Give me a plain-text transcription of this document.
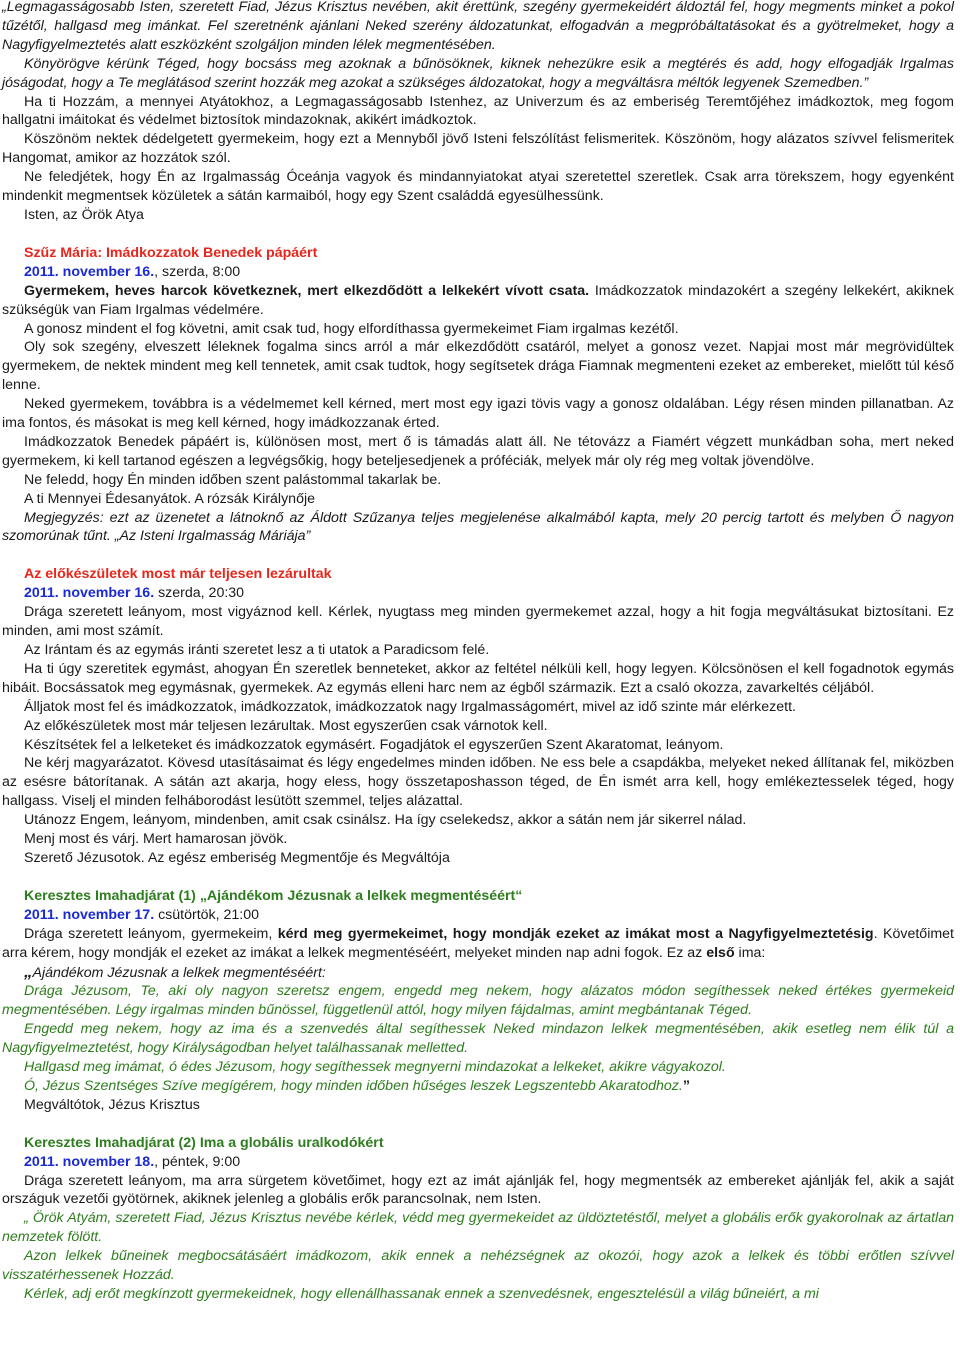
„Legmagasságosabb Isten, szeretett Fiad, Jézus Krisztus nevében, akit érettünk, szegény gyermekeidért áldoztál fel, hogy megments minket a pokol tűzétől, hallgasd meg imánkat. Fel szeretnénk ajánlani Neked szerény áldozatunkat, elfogadván a megpróbáltatásokat és a gyötrelmeket, hogy a Nagyfigyelmeztetés alatt eszközként szolgáljon minden lélek megmentésében.

Könyörögve kérünk Téged, hogy bocsáss meg azoknak a bűnösöknek, kiknek nehezükre esik a megtérés és add, hogy elfogadják Irgalmas jóságodat, hogy a Te meglátásod szerint hozzák meg azokat a szükséges áldozatokat, hogy a megváltásra méltók legyenek Szemedben.”

Ha ti Hozzám, a mennyei Atyátokhoz, a Legmagasságosabb Istenhez, az Univerzum és az emberiség Teremtőjéhez imádkoztok, meg fogom hallgatni imáitokat és védelmet biztosítok mindazoknak, akikért imádkoztok.

Köszönöm nektek dédelgetett gyermekeim, hogy ezt a Mennyből jövő Isteni felszólítást felismeritek. Köszönöm, hogy alázatos szívvel felismeritek Hangomat, amikor az hozzátok szól.

Ne feledjétek, hogy Én az Irgalmasság Óceánja vagyok és mindannyiatokat atyai szeretettel szeretlek. Csak arra törekszem, hogy egyenként mindenkit megmentsek közületek a sátán karmaiból, hogy egy Szent családdá egyesülhessünk.

Isten, az Örök Atya

Szűz Mária: Imádkozzatok Benedek pápáért

2011. november 16., szerda, 8:00

Gyermekem, heves harcok következnek, mert elkezdődött a lelkekért vívott csata. Imádkozzatok mindazokért a szegény lelkekért, akiknek szükségük van Fiam Irgalmas védelmére.

A gonosz mindent el fog követni, amit csak tud, hogy elfordíthassa gyermekeimet Fiam irgalmas kezétől.

Oly sok szegény, elveszett léleknek fogalma sincs arról a már elkezdődött csatáról, melyet a gonosz vezet. Napjai most már megrövidültek gyermekem, de nektek mindent meg kell tennetek, amit csak tudtok, hogy segítsetek drága Fiamnak megmenteni ezeket az embereket, mielőtt túl késő lenne.

Neked gyermekem, továbbra is a védelmemet kell kérned, mert most egy igazi tövis vagy a gonosz oldalában. Légy résen minden pillanatban. Az ima fontos, és másokat is meg kell kérned, hogy imádkozzanak érted.

Imádkozzatok Benedek pápáért is, különösen most, mert ő is támadás alatt áll. Ne tétovázz a Fiamért végzett munkádban soha, mert neked gyermekem, ki kell tartanod egészen a legvégsőkig, hogy beteljesedjenek a próféciák, melyek már oly rég meg voltak jövendölve.

Ne feledd, hogy Én minden időben szent palástommal takarlak be.

A ti Mennyei Édesanyátok. A rózsák Királynője

Megjegyzés: ezt az üzenetet a látnoknő az Áldott Szűzanya teljes megjelenése alkalmából kapta, mely 20 percig tartott és melyben Ő nagyon szomorúnak tűnt. „Az Isteni Irgalmasság Máriája”

Az előkészületek most már teljesen lezárultak

2011. november 16. szerda, 20:30

Drága szeretett leányom, most vigyáznod kell. Kérlek, nyugtass meg minden gyermekemet azzal, hogy a hit fogja megváltásukat biztosítani. Ez minden, ami most számít.

Az Irántam és az egymás iránti szeretet lesz a ti utatok a Paradicsom felé.

Ha ti úgy szeretitek egymást, ahogyan Én szeretlek benneteket, akkor az feltétel nélküli kell, hogy legyen. Kölcsönösen el kell fogadnotok egymás hibáit. Bocsássatok meg egymásnak, gyermekek. Az egymás elleni harc nem az égből származik. Ezt a csaló okozza, zavarkeltés céljából.

Álljatok most fel és imádkozzatok, imádkozzatok, imádkozzatok nagy Irgalmasságomért, mivel az idő szinte már elérkezett.

Az előkészületek most már teljesen lezárultak. Most egyszerűen csak várnotok kell.

Készítsétek fel a lelketeket és imádkozzatok egymásért. Fogadjátok el egyszerűen Szent Akaratomat, leányom.

Ne kérj magyarázatot. Kövesd utasításaimat és légy engedelmes minden időben. Ne ess bele a csapdákba, melyeket neked állítanak fel, miközben az esésre bátorítanak. A sátán azt akarja, hogy eless, hogy összetaposhasson téged, de Én ismét arra kell, hogy emlékeztesselek téged, hogy hallgass. Viselj el minden felháborodást lesütött szemmel, teljes alázattal.

Utánozz Engem, leányom, mindenben, amit csak csinálsz. Ha így cselekedsz, akkor a sátán nem jár sikerrel nálad.

Menj most és várj. Mert hamarosan jövök.

Szerető Jézusotok. Az egész emberiség Megmentője és Megváltója

Keresztes Imahadjárat (1) „Ajándékom Jézusnak a lelkek megmentéséért“

2011. november 17. csütörtök, 21:00

Drága szeretett leányom, gyermekeim, kérd meg gyermekeimet, hogy mondják ezeket az imákat most a Nagyfigyelmeztetésig. Követőimet arra kérem, hogy mondják el ezeket az imákat a lelkek megmentéséért, melyeket minden nap adni fogok. Ez az első ima:

„Ajándékom Jézusnak a lelkek megmentéséért:

Drága Jézusom, Te, aki oly nagyon szeretsz engem, engedd meg nekem, hogy alázatos módon segíthessek neked értékes gyermekeid megmentésében. Légy irgalmas minden bűnössel, függetlenül attól, hogy milyen fájdalmas, amint megbántanak Téged.

Engedd meg nekem, hogy az ima és a szenvedés által segíthessek Neked mindazon lelkek megmentésében, akik esetleg nem élik túl a Nagyfigyelmeztetést, hogy Királyságodban helyet találhassanak melletted.

Hallgasd meg imámat, ó édes Jézusom, hogy segíthessek megnyerni mindazokat a lelkeket, akikre vágyakozol.

Ó, Jézus Szentséges Szíve megígérem, hogy minden időben hűséges leszek Legszentebb Akaratodhoz.”

Megváltótok, Jézus Krisztus

Keresztes Imahadjárat (2) Ima a globális uralkodókért

2011. november 18., péntek, 9:00

Drága szeretett leányom, ma arra sürgetem követőimet, hogy ezt az imát ajánlják fel, hogy megmentsék az embereket ajánlják fel, akik a saját országuk vezetői gyötörnek, akiknek jelenleg a globális erők parancsolnak, nem Isten.

„ Örök Atyám, szeretett Fiad, Jézus Krisztus nevébe kérlek, védd meg gyermekeidet az üldöztetéstől, melyet a globális erők gyakorolnak az ártatlan nemzetek fölött.

Azon lelkek bűneinek megbocsátásáért imádkozom, akik ennek a nehézségnek az okozói, hogy azok a lelkek és többi erőtlen szívvel visszatérhessenek Hozzád.

Kérlek, adj erőt megkínzott gyermekeidnek, hogy ellenállhassanak ennek a szenvedésnek, engesztelésül a világ bűneiért, a mi
